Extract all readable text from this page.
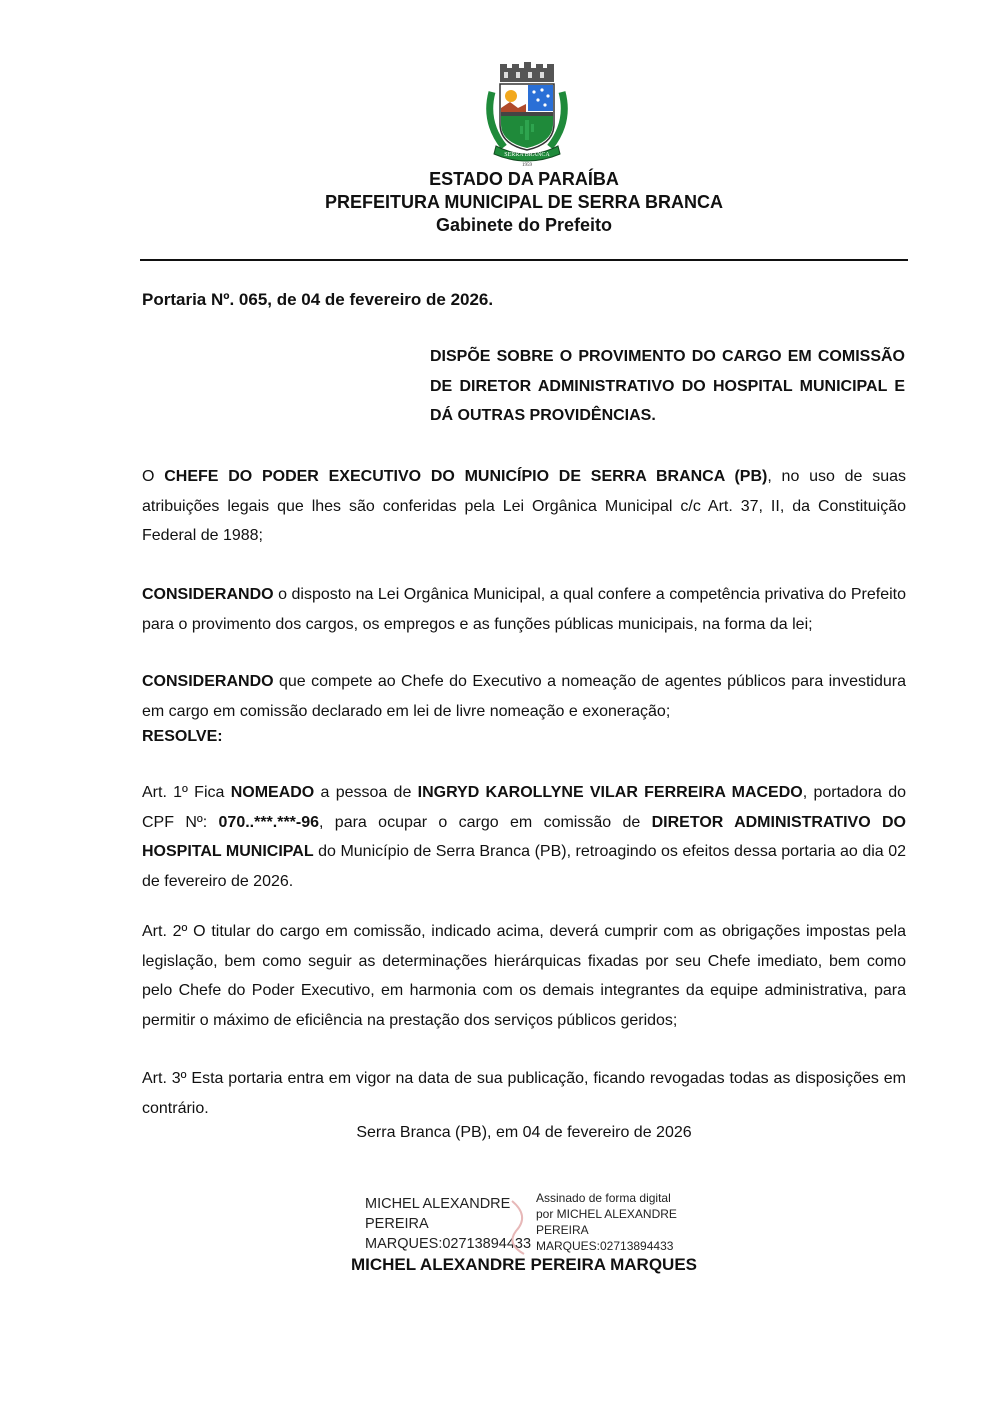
SERRA BRANCA
1959
ESTADO DA PARAÍBA
PREFEITURA MUNICIPAL DE SERRA BRANCA
Gabinete do Prefeito
Portaria Nº. 065, de 04 de fevereiro de 2026.
DISPÕE SOBRE O PROVIMENTO DO CARGO EM COMISSÃO DE DIRETOR ADMINISTRATIVO DO HOSPITAL MUNICIPAL E DÁ OUTRAS PROVIDÊNCIAS.
O CHEFE DO PODER EXECUTIVO DO MUNICÍPIO DE SERRA BRANCA (PB), no uso de suas atribuições legais que lhes são conferidas pela Lei Orgânica Municipal c/c Art. 37, II, da Constituição Federal de 1988;
CONSIDERANDO o disposto na Lei Orgânica Municipal, a qual confere a competência privativa do Prefeito para o provimento dos cargos, os empregos e as funções públicas municipais, na forma da lei;
CONSIDERANDO que compete ao Chefe do Executivo a nomeação de agentes públicos para investidura em cargo em comissão declarado em lei de livre nomeação e exoneração;
RESOLVE:
Art. 1º Fica NOMEADO a pessoa de INGRYD KAROLLYNE VILAR FERREIRA MACEDO, portadora do CPF Nº: 070..***.***-96, para ocupar o cargo em comissão de DIRETOR ADMINISTRATIVO DO HOSPITAL MUNICIPAL do Município de Serra Branca (PB), retroagindo os efeitos dessa portaria ao dia 02 de fevereiro de 2026.
Art. 2º O titular do cargo em comissão, indicado acima, deverá cumprir com as obrigações impostas pela legislação, bem como seguir as determinações hierárquicas fixadas por seu Chefe imediato, bem como pelo Chefe do Poder Executivo, em harmonia com os demais integrantes da equipe administrativa, para permitir o máximo de eficiência na prestação dos serviços públicos geridos;
Art. 3º Esta portaria entra em vigor na data de sua publicação, ficando revogadas todas as disposições em contrário.
Serra Branca (PB), em 04 de fevereiro de 2026
MICHEL ALEXANDRE
PEREIRA
MARQUES:02713894433
Assinado de forma digital
por MICHEL ALEXANDRE
PEREIRA
MARQUES:02713894433
MICHEL ALEXANDRE PEREIRA MARQUES
